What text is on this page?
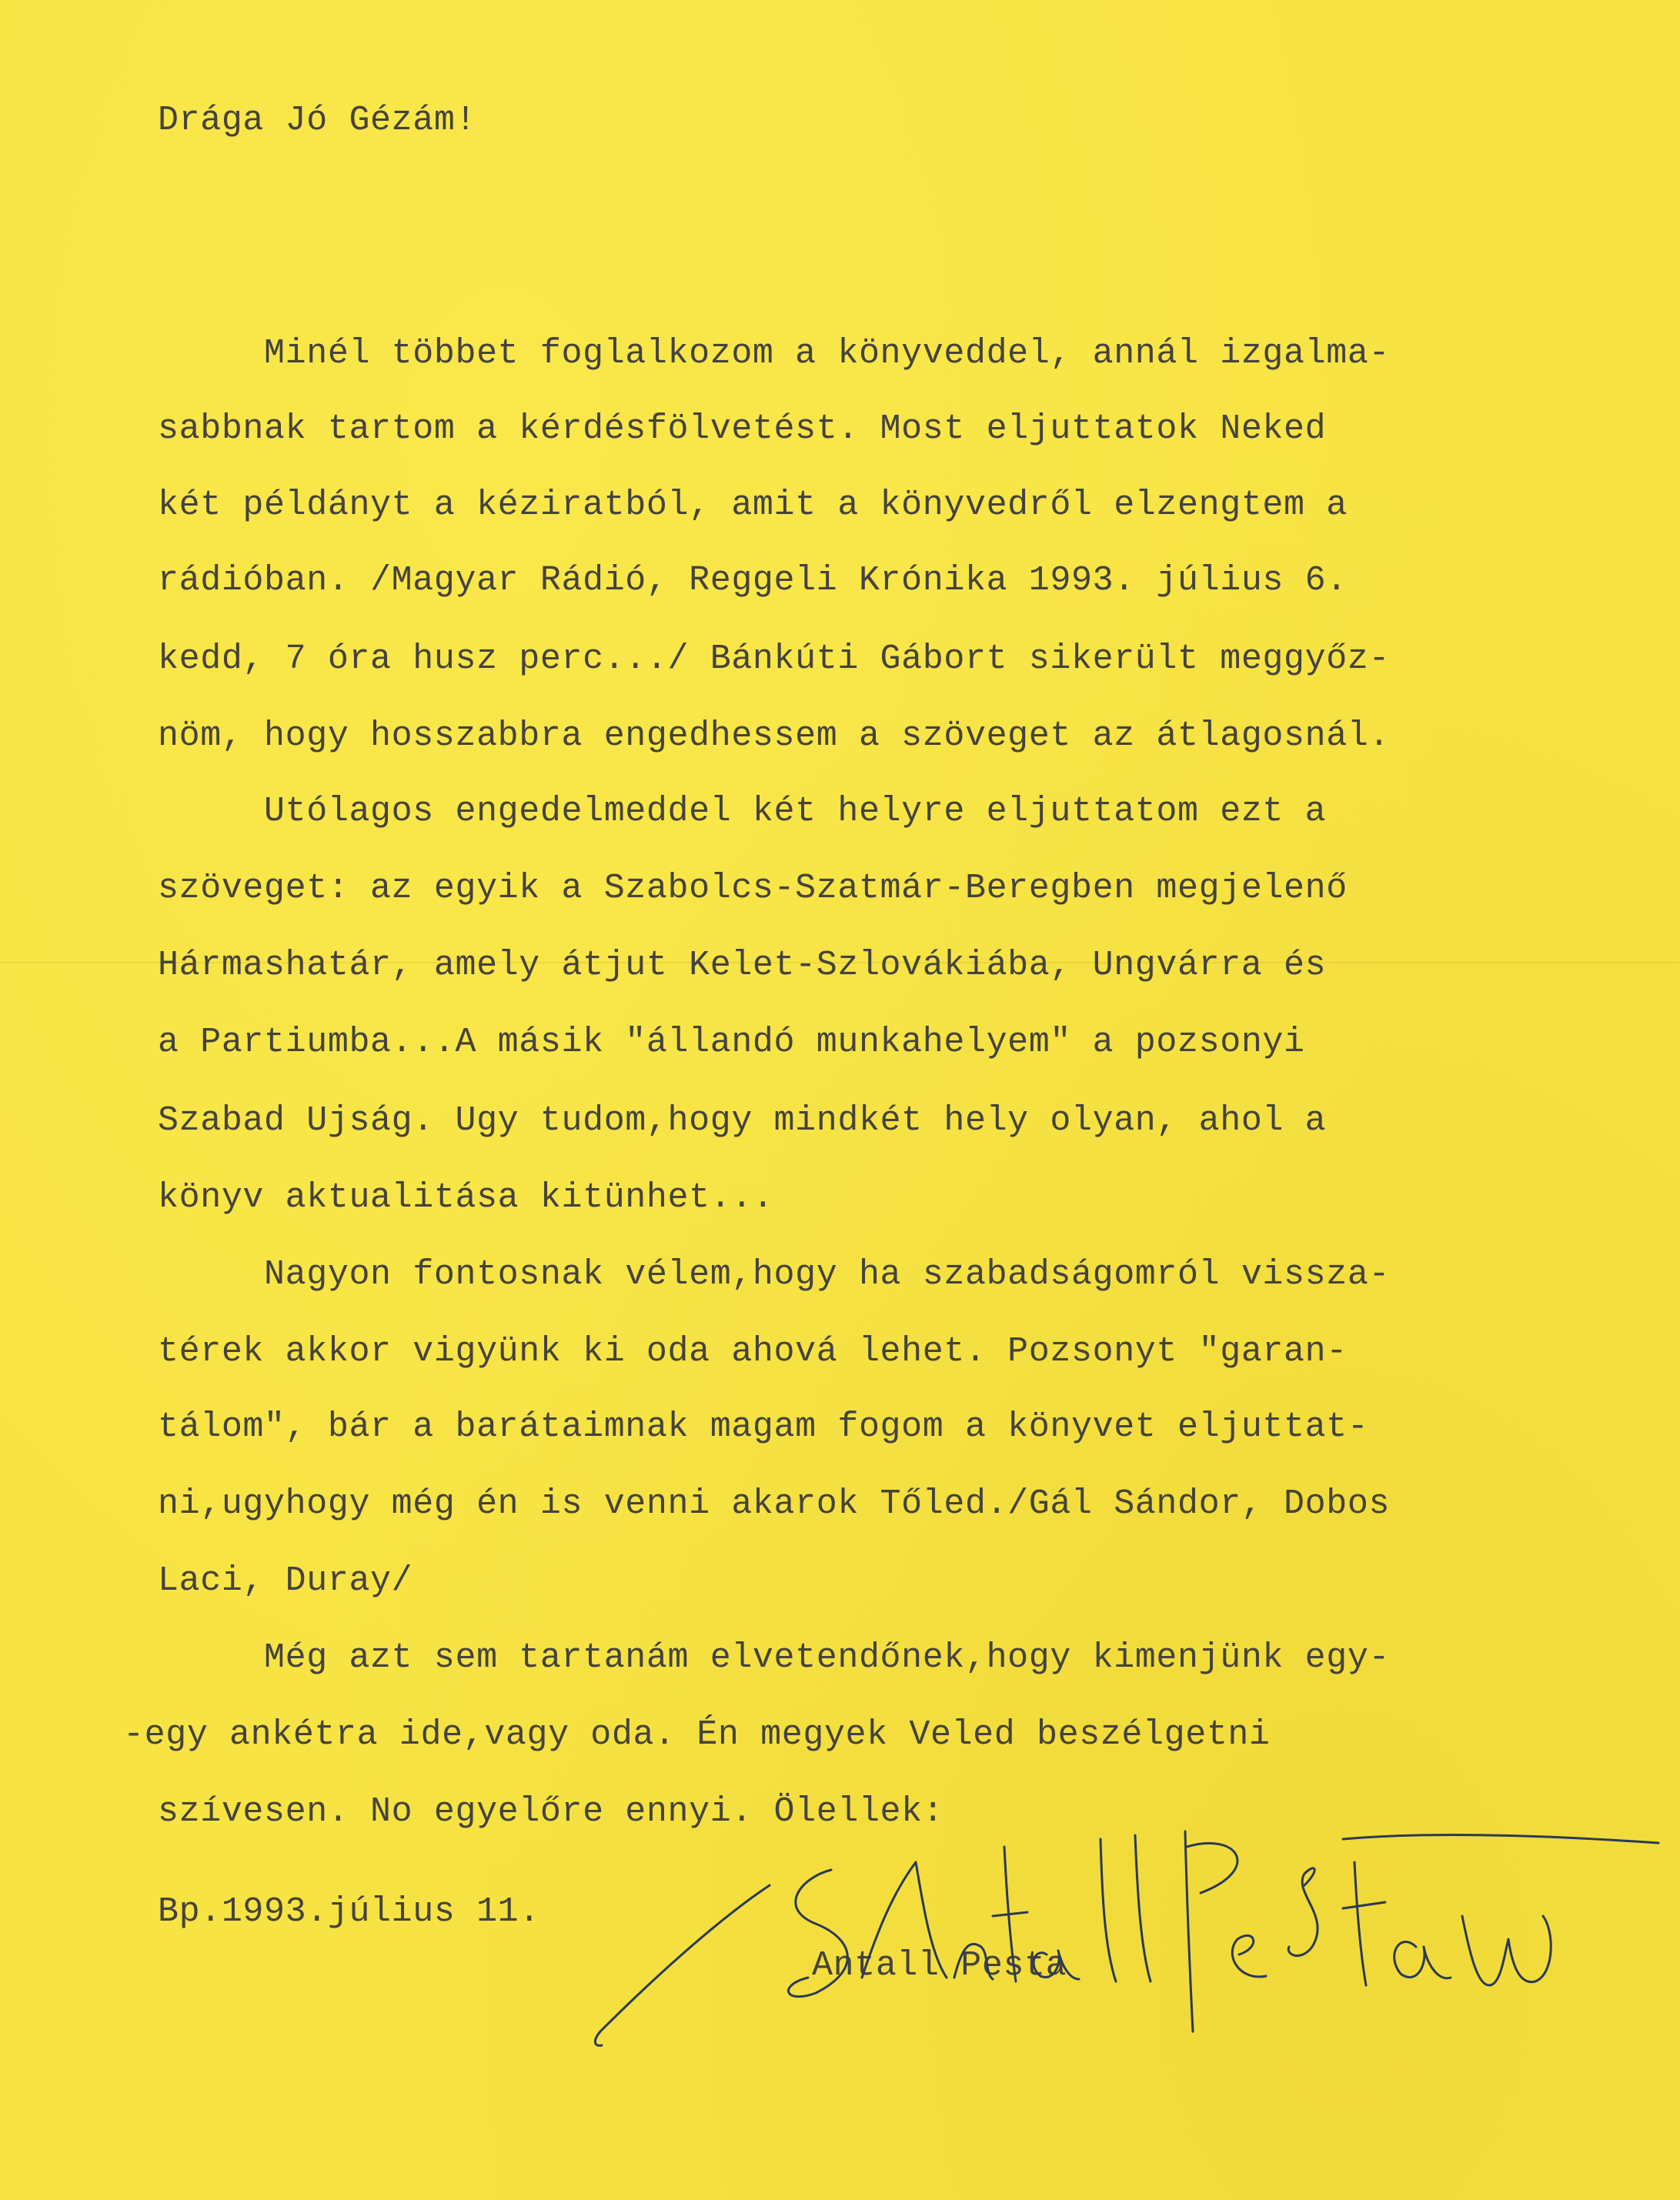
Drága Jó Gézám!
Minél többet foglalkozom a könyveddel, annál izgalma-
sabbnak tartom a kérdésfölvetést. Most eljuttatok Neked
két példányt a kéziratból, amit a könyvedről elzengtem a
rádióban. /Magyar Rádió, Reggeli Krónika 1993. július 6.
kedd, 7 óra husz perc.../ Bánkúti Gábort sikerült meggyőz-
nöm, hogy hosszabbra engedhessem a szöveget az átlagosnál.
Utólagos engedelmeddel két helyre eljuttatom ezt a
szöveget: az egyik a Szabolcs-Szatmár-Beregben megjelenő
Hármashatár, amely átjut Kelet-Szlovákiába, Ungvárra és
a Partiumba...A másik "állandó munkahelyem" a pozsonyi
Szabad Ujság. Ugy tudom,hogy mindkét hely olyan, ahol a
könyv aktualitása kitünhet...
Nagyon fontosnak vélem,hogy ha szabadságomról vissza-
térek akkor vigyünk ki oda ahová lehet. Pozsonyt "garan-
tálom", bár a barátaimnak magam fogom a könyvet eljuttat-
ni,ugyhogy még én is venni akarok Tőled./Gál Sándor, Dobos
Laci, Duray/
Még azt sem tartanám elvetendőnek,hogy kimenjünk egy-
-egy ankétra ide,vagy oda. Én megyek Veled beszélgetni
szívesen. No egyelőre ennyi. Ölellek:
Bp.1993.július 11.
Antall Pesta
